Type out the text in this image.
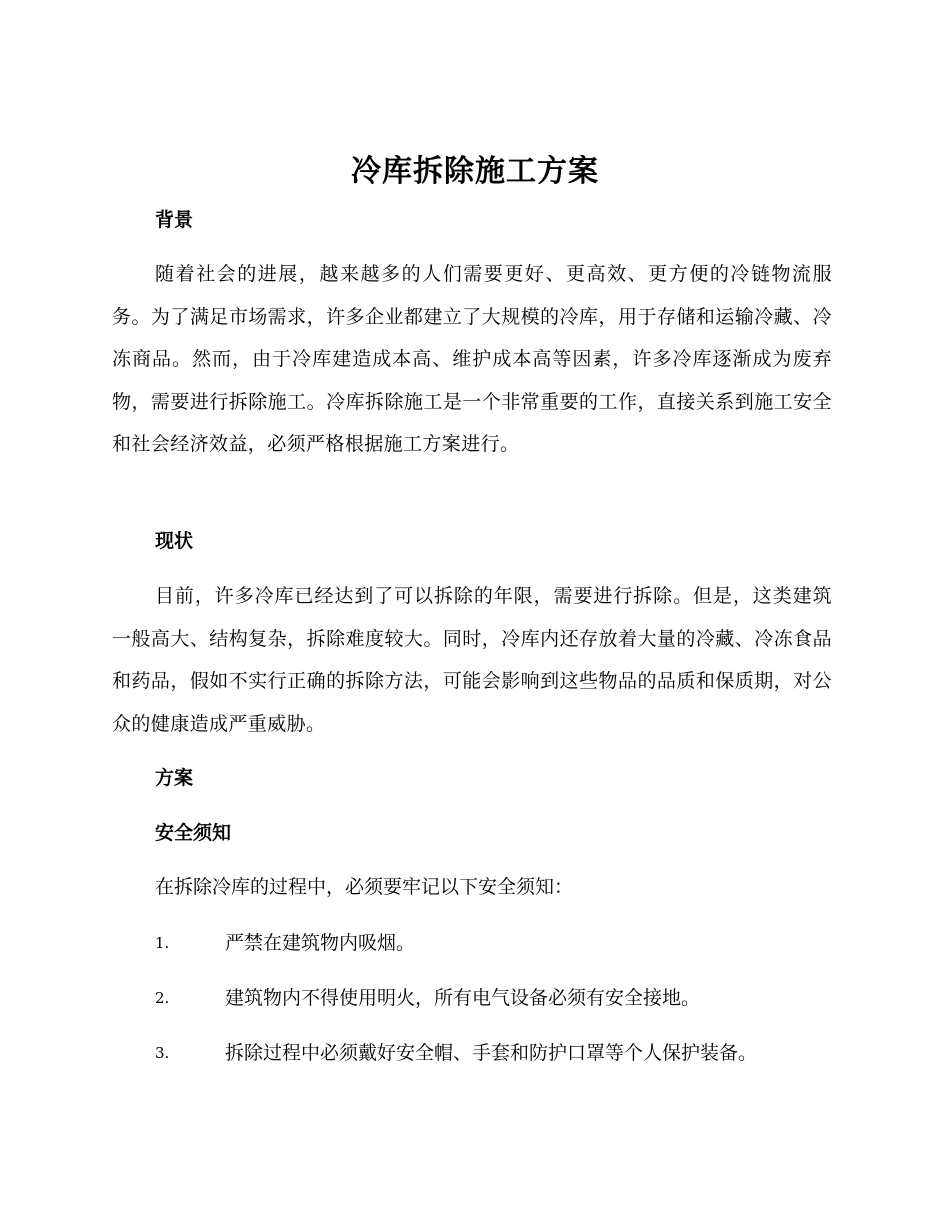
冷库拆除施工方案
背景
随着社会的进展，越来越多的人们需要更好、更高效、更方便的冷链物流服务。为了满足市场需求，许多企业都建立了大规模的冷库，用于存储和运输冷藏、冷冻商品。然而，由于冷库建造成本高、维护成本高等因素，许多冷库逐渐成为废弃物，需要进行拆除施工。冷库拆除施工是一个非常重要的工作，直接关系到施工安全和社会经济效益，必须严格根据施工方案进行。
现状
目前，许多冷库已经达到了可以拆除的年限，需要进行拆除。但是，这类建筑一般高大、结构复杂，拆除难度较大。同时，冷库内还存放着大量的冷藏、冷冻食品和药品，假如不实行正确的拆除方法，可能会影响到这些物品的品质和保质期，对公众的健康造成严重威胁。
方案
安全须知
在拆除冷库的过程中，必须要牢记以下安全须知：
1.	严禁在建筑物内吸烟。
2.	建筑物内不得使用明火，所有电气设备必须有安全接地。
3.	拆除过程中必须戴好安全帽、手套和防护口罩等个人保护装备。
